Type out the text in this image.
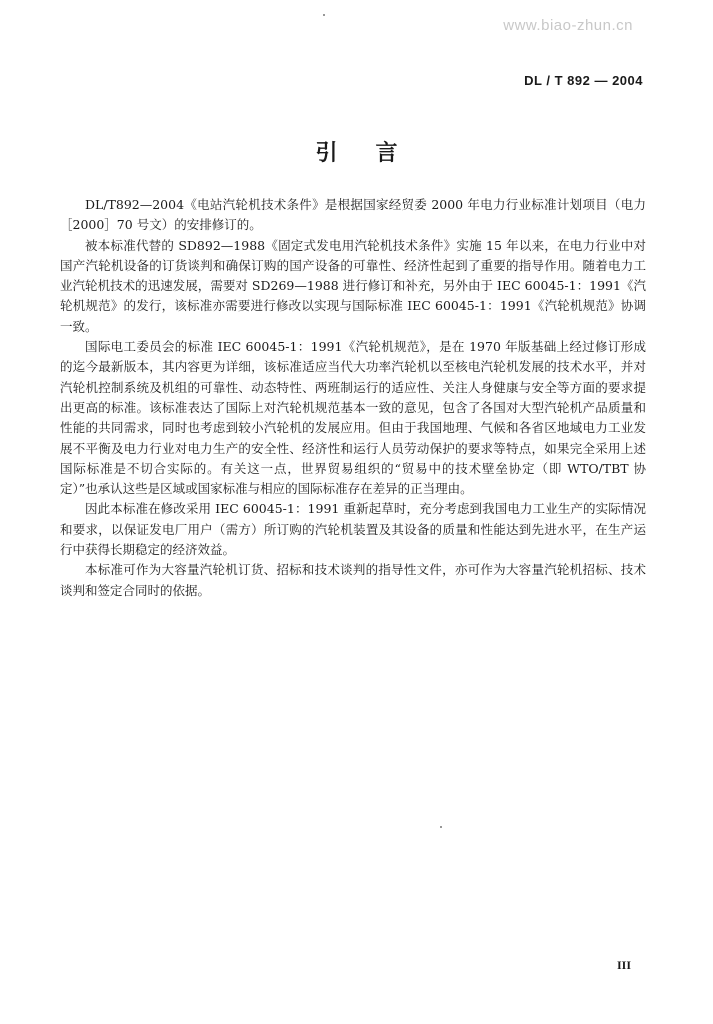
www.biao-zhun.cn
DL / T 892 — 2004
引言

DL/T892—2004《电站汽轮机技术条件》是根据国家经贸委 2000 年电力行业标准计划项目（电力［2000］70 号文）的安排修订的。

被本标准代替的 SD892—1988《固定式发电用汽轮机技术条件》实施 15 年以来，在电力行业中对国产汽轮机设备的订货谈判和确保订购的国产设备的可靠性、经济性起到了重要的指导作用。随着电力工业汽轮机技术的迅速发展，需要对 SD269—1988 进行修订和补充，另外由于 IEC 60045-1：1991《汽轮机规范》的发行，该标准亦需要进行修改以实现与国际标准 IEC 60045-1：1991《汽轮机规范》协调一致。

国际电工委员会的标准 IEC 60045-1：1991《汽轮机规范》，是在 1970 年版基础上经过修订形成的迄今最新版本，其内容更为详细，该标准适应当代大功率汽轮机以至核电汽轮机发展的技术水平，并对汽轮机控制系统及机组的可靠性、动态特性、两班制运行的适应性、关注人身健康与安全等方面的要求提出更高的标准。该标准表达了国际上对汽轮机规范基本一致的意见，包含了各国对大型汽轮机产品质量和性能的共同需求，同时也考虑到较小汽轮机的发展应用。但由于我国地理、气候和各省区地域电力工业发展不平衡及电力行业对电力生产的安全性、经济性和运行人员劳动保护的要求等特点，如果完全采用上述国际标准是不切合实际的。有关这一点，世界贸易组织的“贸易中的技术壁垒协定（即 WTO/TBT 协定）”也承认这些是区域或国家标准与相应的国际标准存在差异的正当理由。

因此本标准在修改采用 IEC 60045-1：1991 重新起草时，充分考虑到我国电力工业生产的实际情况和要求，以保证发电厂用户（需方）所订购的汽轮机装置及其设备的质量和性能达到先进水平，在生产运行中获得长期稳定的经济效益。

本标准可作为大容量汽轮机订货、招标和技术谈判的指导性文件，亦可作为大容量汽轮机招标、技术谈判和签定合同时的依据。

III
